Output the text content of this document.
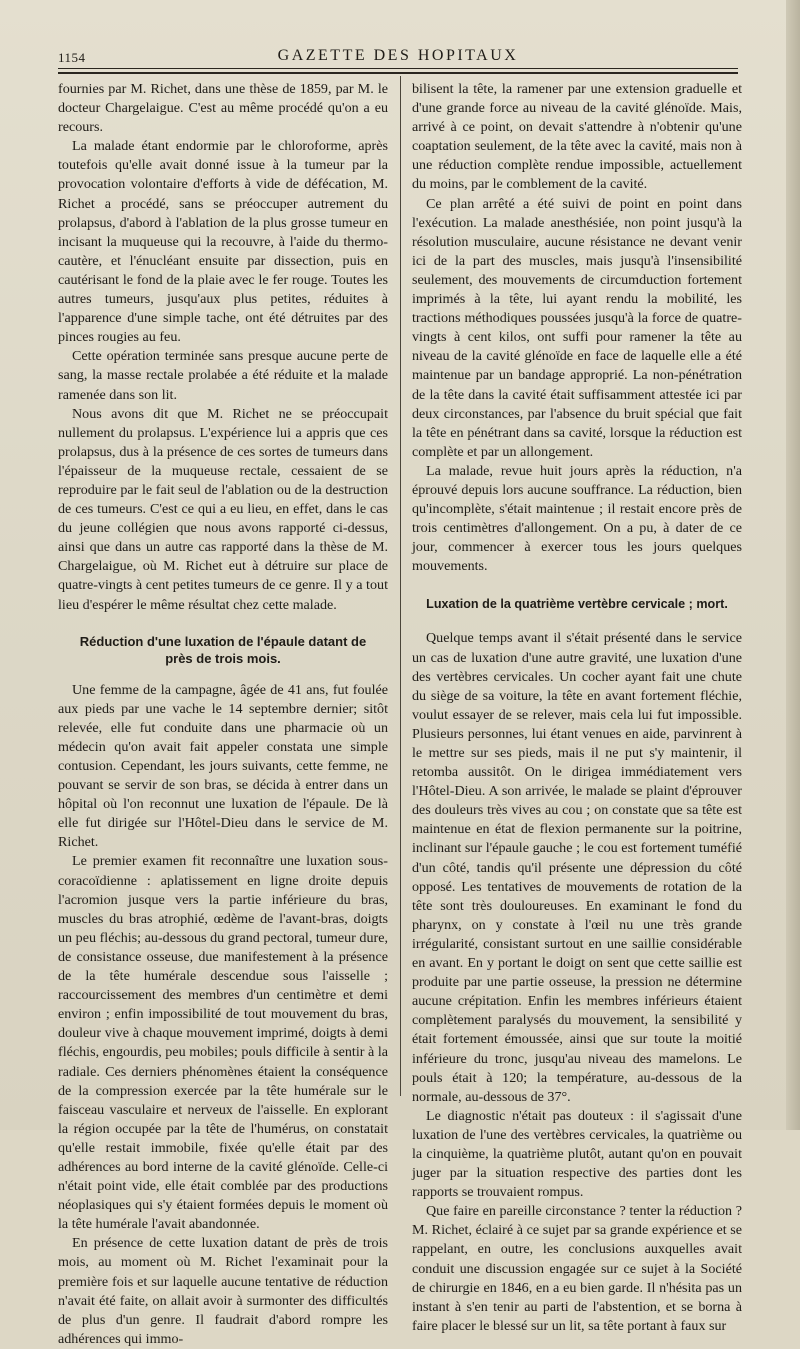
1154	GAZETTE DES HOPITAUX

fournies par M. Richet, dans une thèse de 1859, par M. le docteur Chargelaigue. C'est au même procédé qu'on a eu recours.

La malade étant endormie par le chloroforme, après toutefois qu'elle avait donné issue à la tumeur par la provocation volontaire d'efforts à vide de défécation, M. Richet a procédé, sans se préoccuper autrement du prolapsus, d'abord à l'ablation de la plus grosse tumeur en incisant la muqueuse qui la recouvre, à l'aide du thermo-cautère, et l'énucléant ensuite par dissection, puis en cautérisant le fond de la plaie avec le fer rouge. Toutes les autres tumeurs, jusqu'aux plus petites, réduites à l'apparence d'une simple tache, ont été détruites par des pinces rougies au feu.

Cette opération terminée sans presque aucune perte de sang, la masse rectale prolabée a été réduite et la malade ramenée dans son lit.

Nous avons dit que M. Richet ne se préoccupait nullement du prolapsus. L'expérience lui a appris que ces prolapsus, dus à la présence de ces sortes de tumeurs dans l'épaisseur de la muqueuse rectale, cessaient de se reproduire par le fait seul de l'ablation ou de la destruction de ces tumeurs. C'est ce qui a eu lieu, en effet, dans le cas du jeune collégien que nous avons rapporté ci-dessus, ainsi que dans un autre cas rapporté dans la thèse de M. Chargelaigue, où M. Richet eut à détruire sur place de quatre-vingts à cent petites tumeurs de ce genre. Il y a tout lieu d'espérer le même résultat chez cette malade.

Réduction d'une luxation de l'épaule datant de près de trois mois.

Une femme de la campagne, âgée de 41 ans, fut foulée aux pieds par une vache le 14 septembre dernier; sitôt relevée, elle fut conduite dans une pharmacie où un médecin qu'on avait fait appeler constata une simple contusion. Cependant, les jours suivants, cette femme, ne pouvant se servir de son bras, se décida à entrer dans un hôpital où l'on reconnut une luxation de l'épaule. De là elle fut dirigée sur l'Hôtel-Dieu dans le service de M. Richet.

Le premier examen fit reconnaître une luxation sous-coracoïdienne : aplatissement en ligne droite depuis l'acromion jusque vers la partie inférieure du bras, muscles du bras atrophié, œdème de l'avant-bras, doigts un peu fléchis; au-dessous du grand pectoral, tumeur dure, de consistance osseuse, due manifestement à la présence de la tête humérale descendue sous l'aisselle ; raccourcissement des membres d'un centimètre et demi environ ; enfin impossibilité de tout mouvement du bras, douleur vive à chaque mouvement imprimé, doigts à demi fléchis, engourdis, peu mobiles; pouls difficile à sentir à la radiale. Ces derniers phénomènes étaient la conséquence de la compression exercée par la tête humérale sur le faisceau vasculaire et nerveux de l'aisselle. En explorant la région occupée par la tête de l'humérus, on constatait qu'elle restait immobile, fixée qu'elle était par des adhérences au bord interne de la cavité glénoïde. Celle-ci n'était point vide, elle était comblée par des productions néoplasiques qui s'y étaient formées depuis le moment où la tête humérale l'avait abandonnée.

En présence de cette luxation datant de près de trois mois, au moment où M. Richet l'examinait pour la première fois et sur laquelle aucune tentative de réduction n'avait été faite, on allait avoir à surmonter des difficultés de plus d'un genre. Il faudrait d'abord rompre les adhérences qui immo-

bilisent la tête, la ramener par une extension graduelle et d'une grande force au niveau de la cavité glénoïde. Mais, arrivé à ce point, on devait s'attendre à n'obtenir qu'une coaptation seulement, de la tête avec la cavité, mais non à une réduction complète rendue impossible, actuellement du moins, par le comblement de la cavité.

Ce plan arrêté a été suivi de point en point dans l'exécution. La malade anesthésiée, non point jusqu'à la résolution musculaire, aucune résistance ne devant venir ici de la part des muscles, mais jusqu'à l'insensibilité seulement, des mouvements de circumduction fortement imprimés à la tête, lui ayant rendu la mobilité, les tractions méthodiques poussées jusqu'à la force de quatre-vingts à cent kilos, ont suffi pour ramener la tête au niveau de la cavité glénoïde en face de laquelle elle a été maintenue par un bandage approprié. La non-pénétration de la tête dans la cavité était suffisamment attestée ici par deux circonstances, par l'absence du bruit spécial que fait la tête en pénétrant dans sa cavité, lorsque la réduction est complète et par un allongement.

La malade, revue huit jours après la réduction, n'a éprouvé depuis lors aucune souffrance. La réduction, bien qu'incomplète, s'était maintenue ; il restait encore près de trois centimètres d'allongement. On a pu, à dater de ce jour, commencer à exercer tous les jours quelques mouvements.

Luxation de la quatrième vertèbre cervicale ; mort.

Quelque temps avant il s'était présenté dans le service un cas de luxation d'une autre gravité, une luxation d'une des vertèbres cervicales. Un cocher ayant fait une chute du siège de sa voiture, la tête en avant fortement fléchie, voulut essayer de se relever, mais cela lui fut impossible. Plusieurs personnes, lui étant venues en aide, parvinrent à le mettre sur ses pieds, mais il ne put s'y maintenir, il retomba aussitôt. On le dirigea immédiatement vers l'Hôtel-Dieu. A son arrivée, le malade se plaint d'éprouver des douleurs très vives au cou ; on constate que sa tête est maintenue en état de flexion permanente sur la poitrine, inclinant sur l'épaule gauche ; le cou est fortement tuméfié d'un côté, tandis qu'il présente une dépression du côté opposé. Les tentatives de mouvements de rotation de la tête sont très douloureuses. En examinant le fond du pharynx, on y constate à l'œil nu une très grande irrégularité, consistant surtout en une saillie considérable en avant. En y portant le doigt on sent que cette saillie est produite par une partie osseuse, la pression ne détermine aucune crépitation. Enfin les membres inférieurs étaient complètement paralysés du mouvement, la sensibilité y était fortement émoussée, ainsi que sur toute la moitié inférieure du tronc, jusqu'au niveau des mamelons. Le pouls était à 120; la température, au-dessous de la normale, au-dessous de 37°.

Le diagnostic n'était pas douteux : il s'agissait d'une luxation de l'une des vertèbres cervicales, la quatrième ou la cinquième, la quatrième plutôt, autant qu'on en pouvait juger par la situation respective des parties dont les rapports se trouvaient rompus.

Que faire en pareille circonstance ? tenter la réduction ? M. Richet, éclairé à ce sujet par sa grande expérience et se rappelant, en outre, les conclusions auxquelles avait conduit une discussion engagée sur ce sujet à la Société de chirurgie en 1846, en a eu bien garde. Il n'hésita pas un instant à s'en tenir au parti de l'abstention, et se borna à faire placer le blessé sur un lit, sa tête portant à faux sur
